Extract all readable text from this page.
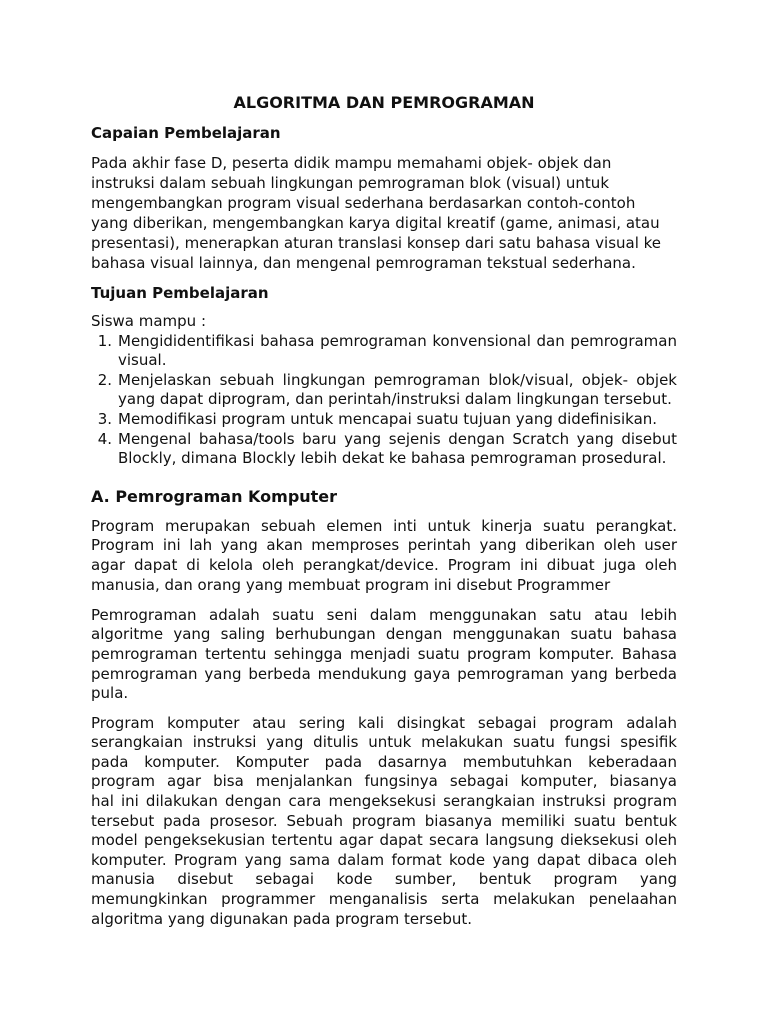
ALGORITMA DAN PEMROGRAMAN
Capaian Pembelajaran
Pada akhir fase D, peserta didik mampu memahami objek- objek dan
instruksi dalam sebuah lingkungan pemrograman blok (visual) untuk
mengembangkan program visual sederhana berdasarkan contoh-contoh
yang diberikan, mengembangkan karya digital kreatif (game, animasi, atau
presentasi), menerapkan aturan translasi konsep dari satu bahasa visual ke
bahasa visual lainnya, dan mengenal pemrograman tekstual sederhana.
Tujuan Pembelajaran
Siswa mampu :
1. Mengididentifikasi bahasa pemrograman konvensional dan pemrograman
visual.
2. Menjelaskan sebuah lingkungan pemrograman blok/visual, objek- objek
yang dapat diprogram, dan perintah/instruksi dalam lingkungan tersebut.
3. Memodifikasi program untuk mencapai suatu tujuan yang didefinisikan.
4. Mengenal bahasa/tools baru yang sejenis dengan Scratch yang disebut
Blockly, dimana Blockly lebih dekat ke bahasa pemrograman prosedural.
A. Pemrograman Komputer
Program merupakan sebuah elemen inti untuk kinerja suatu perangkat.
Program ini lah yang akan memproses perintah yang diberikan oleh user
agar dapat di kelola oleh perangkat/device. Program ini dibuat juga oleh
manusia, dan orang yang membuat program ini disebut Programmer
Pemrograman adalah suatu seni dalam menggunakan satu atau lebih
algoritme yang saling berhubungan dengan menggunakan suatu bahasa
pemrograman tertentu sehingga menjadi suatu program komputer. Bahasa
pemrograman yang berbeda mendukung gaya pemrograman yang berbeda
pula.
Program komputer atau sering kali disingkat sebagai program adalah
serangkaian instruksi yang ditulis untuk melakukan suatu fungsi spesifik
pada komputer. Komputer pada dasarnya membutuhkan keberadaan
program agar bisa menjalankan fungsinya sebagai komputer, biasanya
hal ini dilakukan dengan cara mengeksekusi serangkaian instruksi program
tersebut pada prosesor. Sebuah program biasanya memiliki suatu bentuk
model pengeksekusian tertentu agar dapat secara langsung dieksekusi oleh
komputer. Program yang sama dalam format kode yang dapat dibaca oleh
manusia disebut sebagai kode sumber, bentuk program yang
memungkinkan programmer menganalisis serta melakukan penelaahan
algoritma yang digunakan pada program tersebut.
